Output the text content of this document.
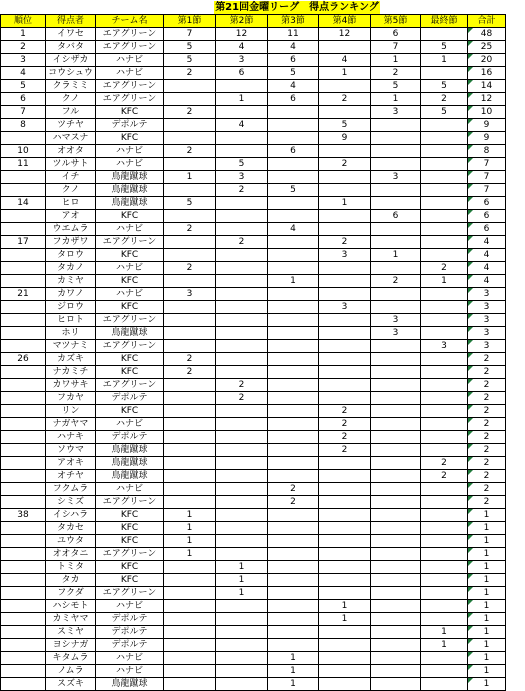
第21回金曜リーグ　得点ランキング
順位	得点者	チーム名	第1節	第2節	第3節	第4節	第5節	最終節	合計
1	イワセ	エアグリーン	7	12	11	12	6		48
2	タバタ	エアグリーン	5	4	4		7	5	25
3	イシザカ	ハナビ	5	3	6	4	1	1	20
4	コウシュウ	ハナビ	2	6	5	1	2		16
5	クラミミ	エアグリーン			4		5	5	14
6	クノ	エアグリーン		1	6	2	1	2	12
7	フル	KFC	2				3	5	10
8	ツチヤ	デポルテ		4		5			9
	ハマスナ	KFC				9			9
10	オオタ	ハナビ	2		6				8
11	ツルサト	ハナビ		5		2			7
	イチ	鳥龍蹴球	1	3			3		7
	クノ	鳥龍蹴球		2	5				7
14	ヒロ	鳥龍蹴球	5			1			6
	アオ	KFC					6		6
	ウエムラ	ハナビ	2		4				6
17	フカザワ	エアグリーン		2		2			4
	タロウ	KFC				3	1		4
	タカノ	ハナビ	2					2	4
	カミヤ	KFC			1		2	1	4
21	カワノ	ハナビ	3						3
	ジロウ	KFC				3			3
	ヒロト	エアグリーン					3		3
	ホリ	鳥龍蹴球					3		3
	マツナミ	エアグリーン						3	3
26	カズキ	KFC	2						2
	ナカミチ	KFC	2						2
	カワサキ	エアグリーン		2					2
	フカヤ	デポルテ		2					2
	リン	KFC				2			2
	ナガヤマ	ハナビ				2			2
	ハナキ	デポルテ				2			2
	ソウマ	鳥龍蹴球				2			2
	アオキ	鳥龍蹴球						2	2
	オチヤ	鳥龍蹴球						2	2
	フクムラ	ハナビ			2				2
	シミズ	エアグリーン			2				2
38	イシハラ	KFC	1						1
	タカセ	KFC	1						1
	ユウタ	KFC	1						1
	オオタニ	エアグリーン	1						1
	トミタ	KFC		1					1
	タカ	KFC		1					1
	フクダ	エアグリーン		1					1
	ハシモト	ハナビ				1			1
	カミヤマ	デポルテ				1			1
	スミヤ	デポルテ						1	1
	ヨシナガ	デポルテ						1	1
	キタムラ	ハナビ			1				1
	ノムラ	ハナビ			1				1
	スズキ	鳥龍蹴球			1				1
